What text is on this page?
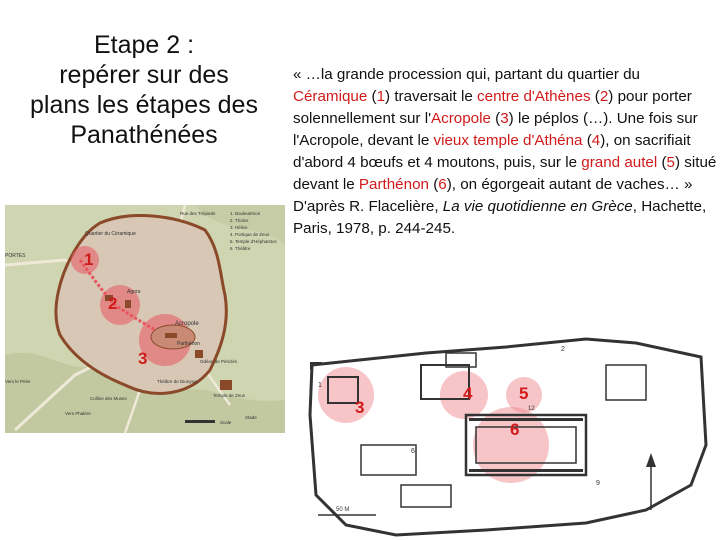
Etape 2 :
repérer sur des
plans les étapes des
Panathénées
« …la grande procession qui, partant du quartier du Céramique (1) traversait le centre d'Athènes (2) pour porter solennellement sur l'Acropole (3) le péplos (…). Une fois sur l'Acropole, devant le vieux temple d'Athéna (4), on sacrifiait d'abord 4 bœufs et 4 moutons, puis, sur le grand autel (5) situé devant le Parthénon (6), on égorgeait autant de vaches… » D'après R. Flacelière, La vie quotidienne en Grèce, Hachette, Paris, 1978, p. 244-245.
Quartier du Céramique
Agora
Acropole
Parthénon
Odéon de Périclès
Théâtre de Dionysos
Temple de Zeus
PORTES
Stade
Vers le Pirée
Vers Phalère
Colline des Muses
Rue des Trépieds	1. Bouleutérion
2. Tholos
3. Hélice
4. Portique de Zeus
5. Temple d'Héphaïstos
6. Théâtre
Scale
1
2
3
1
2
12
6
9
50 M
3
4	5
6
